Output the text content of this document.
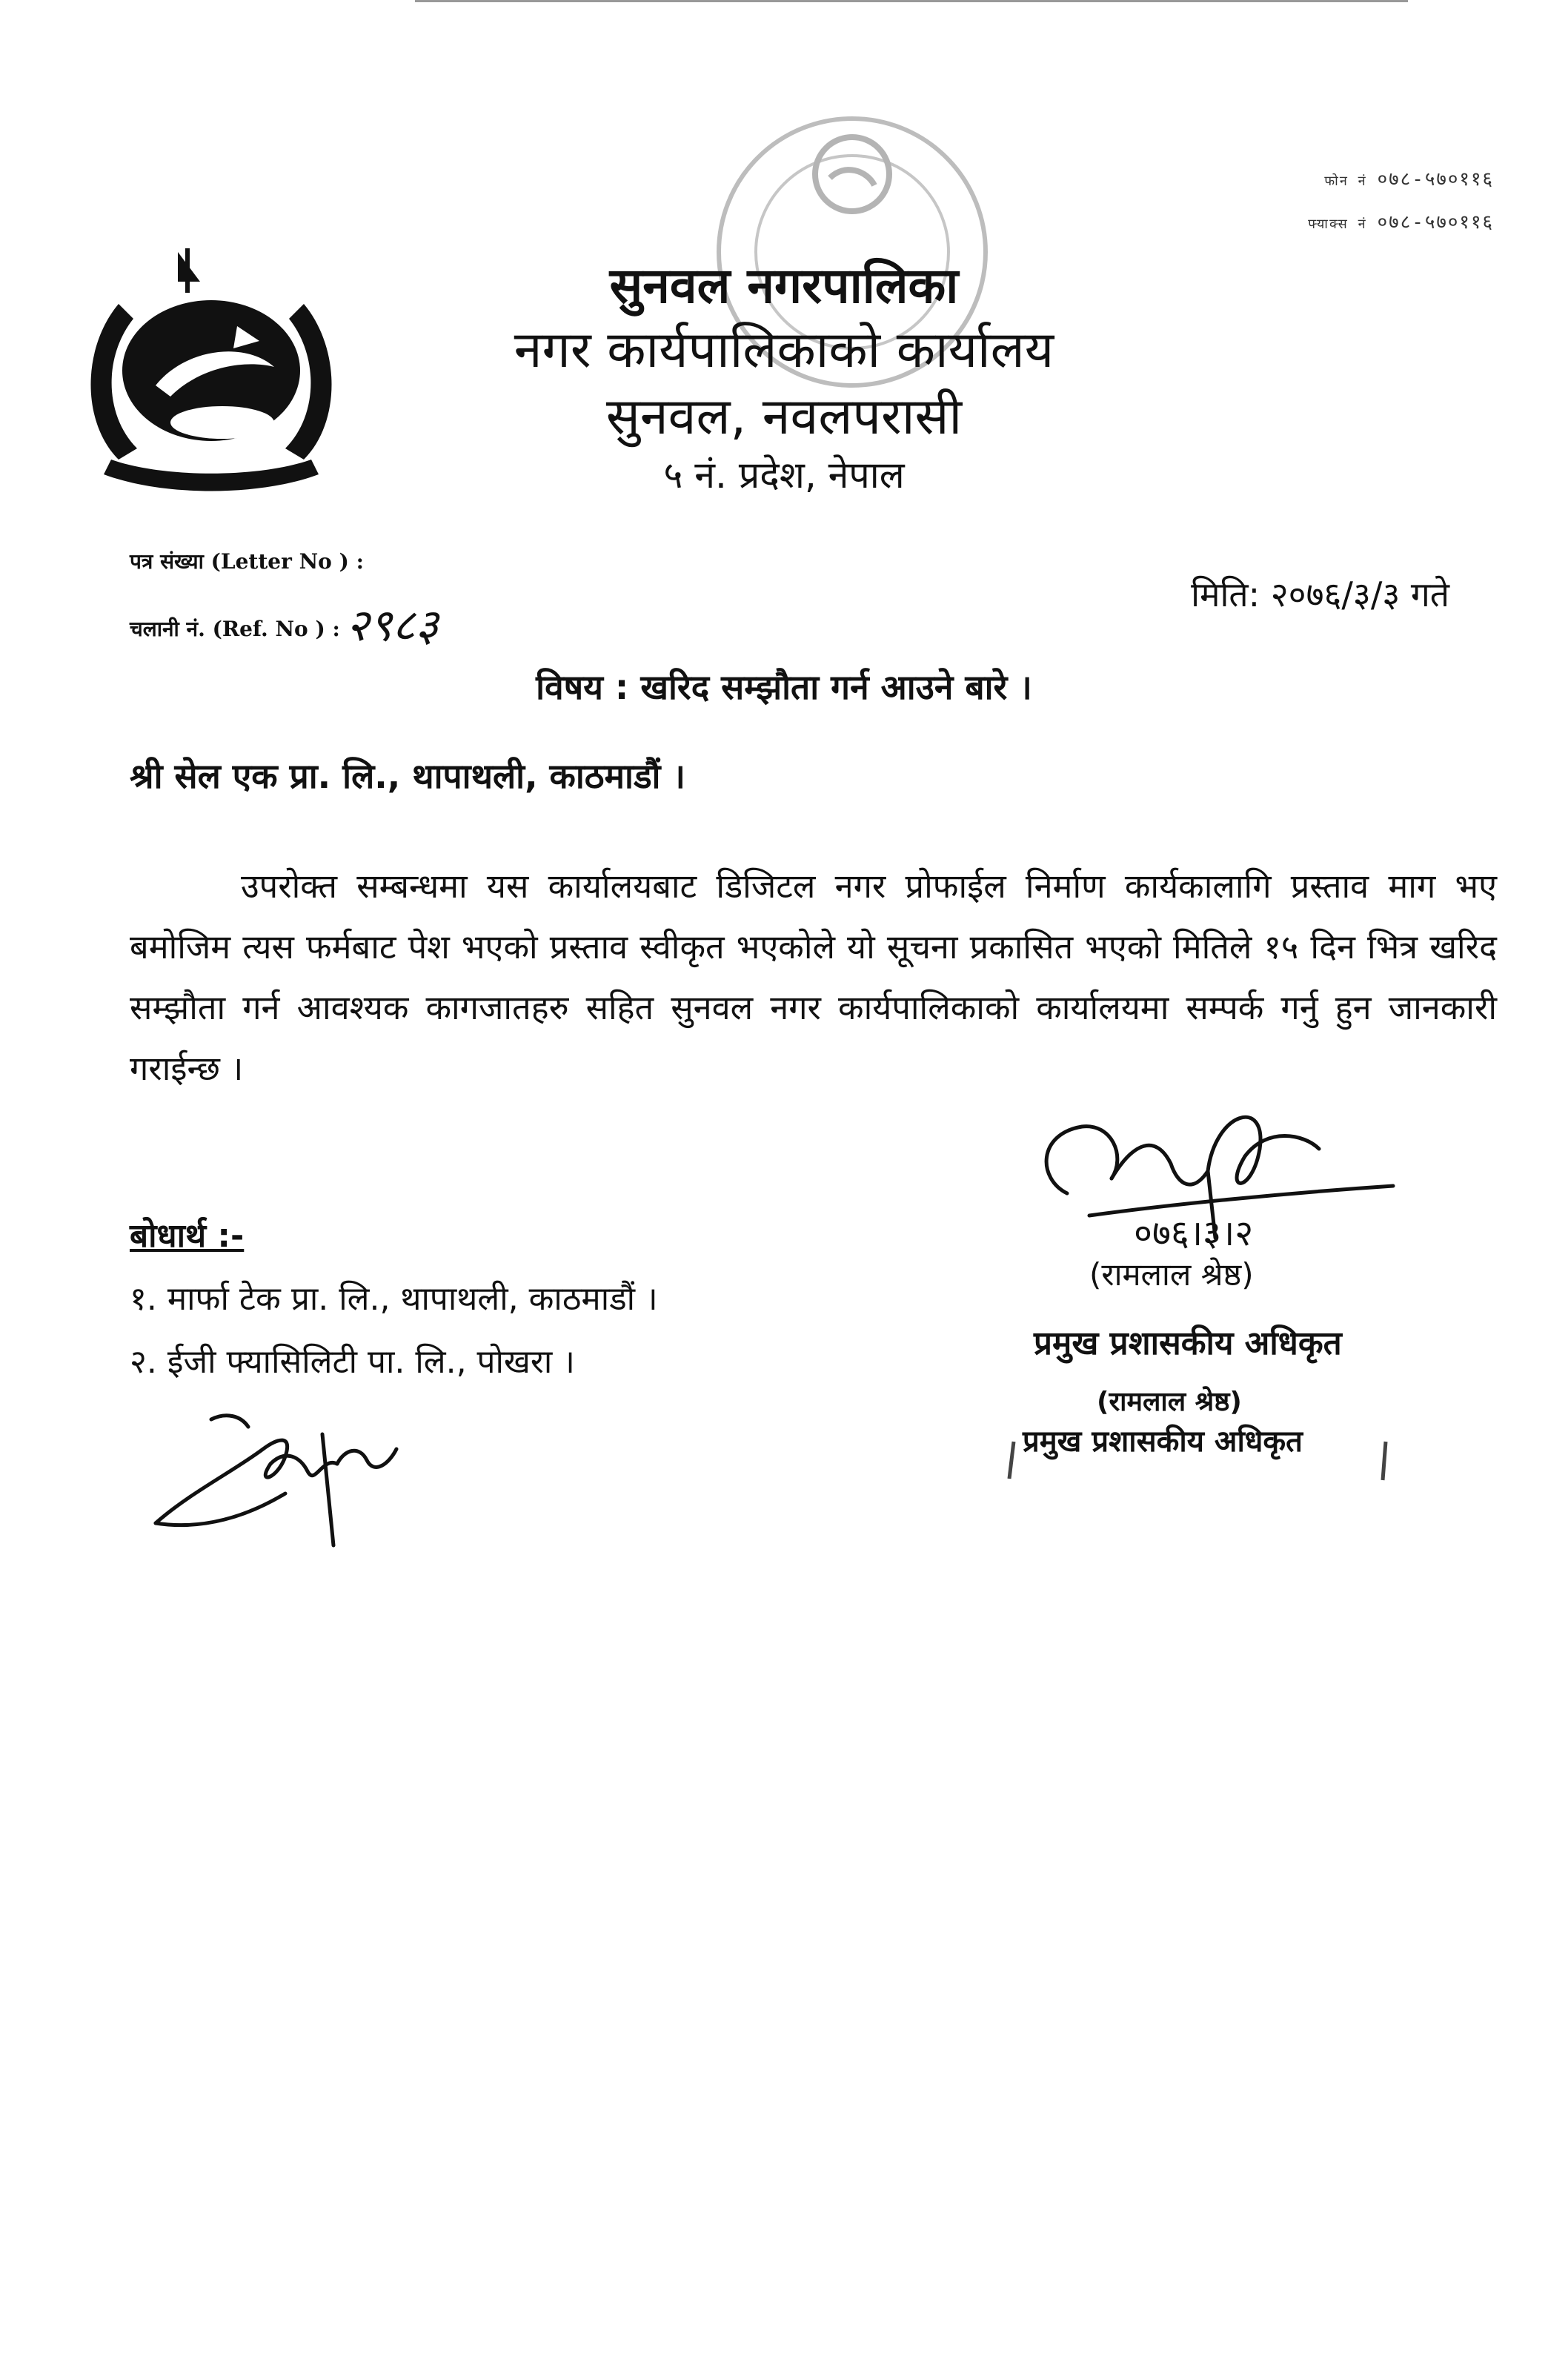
फोन नं ०७८-५७०११६
फ्याक्स नं ०७८-५७०११६
सुनवल नगरपालिका
नगर कार्यपालिकाको कार्यालय
सुनवल, नवलपरासी
५ नं. प्रदेश, नेपाल
पत्र संख्या (Letter No ) :
चलानी नं. (Ref. No ) : २९८३
मिति: २०७६/३/३ गते
विषय : खरिद सम्झौता गर्न आउने बारे ।
श्री सेल एक प्रा. लि., थापाथली, काठमाडौं ।
उपरोक्त सम्बन्धमा यस कार्यालयबाट डिजिटल नगर प्रोफाईल निर्माण कार्यकालागि प्रस्ताव माग भए बमोजिम त्यस फर्मबाट पेश भएको प्रस्ताव स्वीकृत भएकोले यो सूचना प्रकासित भएको मितिले १५ दिन भित्र खरिद सम्झौता गर्न आवश्यक कागजातहरु सहित सुनवल नगर कार्यपालिकाको कार्यालयमा सम्पर्क गर्नु हुन जानकारी गराईन्छ ।
०७६।३।२
(रामलाल श्रेष्ठ)
प्रमुख प्रशासकीय अधिकृत
(रामलाल श्रेष्ठ)
प्रमुख प्रशासकीय अधिकृत
बोधार्थ :-
१. मार्फा टेक प्रा. लि., थापाथली, काठमाडौं ।
२. ईजी फ्यासिलिटी पा. लि., पोखरा ।
